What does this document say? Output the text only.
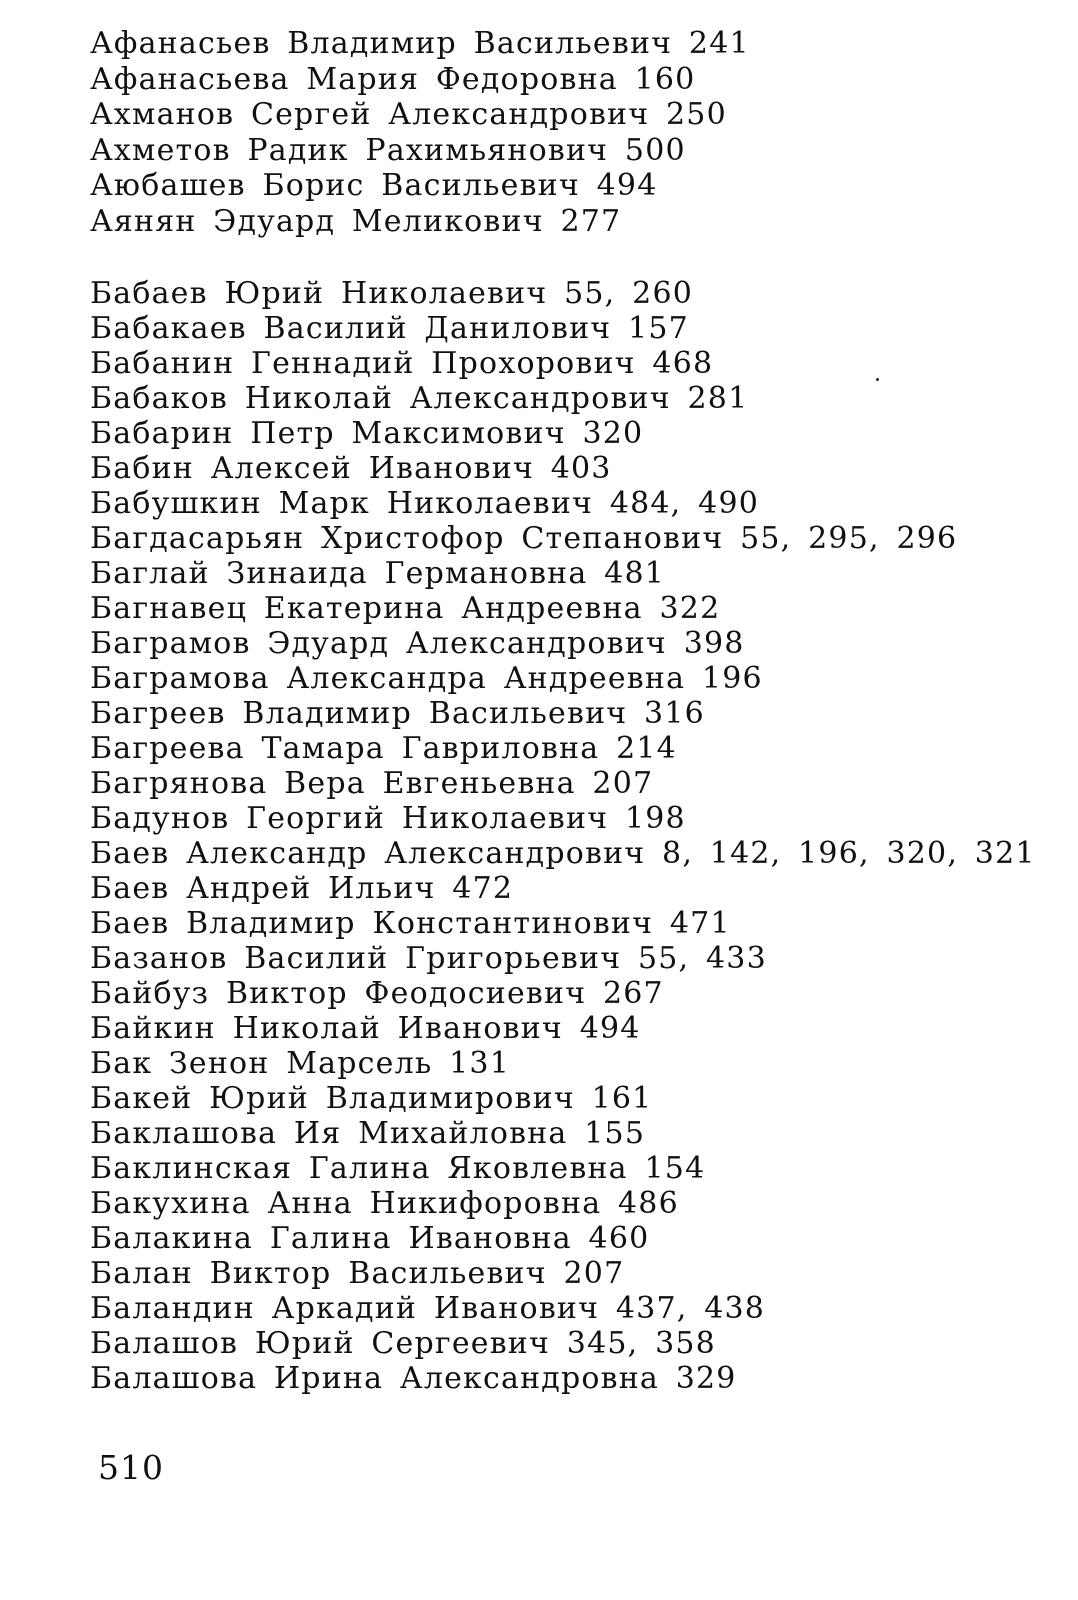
Афанасьев Владимир Васильевич 241
Афанасьева Мария Федоровна 160
Ахманов Сергей Александрович 250
Ахметов Радик Рахимьянович 500
Аюбашев Борис Васильевич 494
Аянян Эдуард Меликович 277
Бабаев Юрий Николаевич 55, 260
Бабакаев Василий Данилович 157
Бабанин Геннадий Прохорович 468
Бабаков Николай Александрович 281
Бабарин Петр Максимович 320
Бабин Алексей Иванович 403
Бабушкин Марк Николаевич 484, 490
Багдасарьян Христофор Степанович 55, 295, 296
Баглай Зинаида Германовна 481
Багнавец Екатерина Андреевна 322
Баграмов Эдуард Александрович 398
Баграмова Александра Андреевна 196
Багреев Владимир Васильевич 316
Багреева Тамара Гавриловна 214
Багрянова Вера Евгеньевна 207
Бадунов Георгий Николаевич 198
Баев Александр Александрович 8, 142, 196, 320, 321
Баев Андрей Ильич 472
Баев Владимир Константинович 471
Базанов Василий Григорьевич 55, 433
Байбуз Виктор Феодосиевич 267
Байкин Николай Иванович 494
Бак Зенон Марсель 131
Бакей Юрий Владимирович 161
Баклашова Ия Михайловна 155
Баклинская Галина Яковлевна 154
Бакухина Анна Никифоровна 486
Балакина Галина Ивановна 460
Балан Виктор Васильевич 207
Баландин Аркадий Иванович 437, 438
Балашов Юрий Сергеевич 345, 358
Балашова Ирина Александровна 329
510
